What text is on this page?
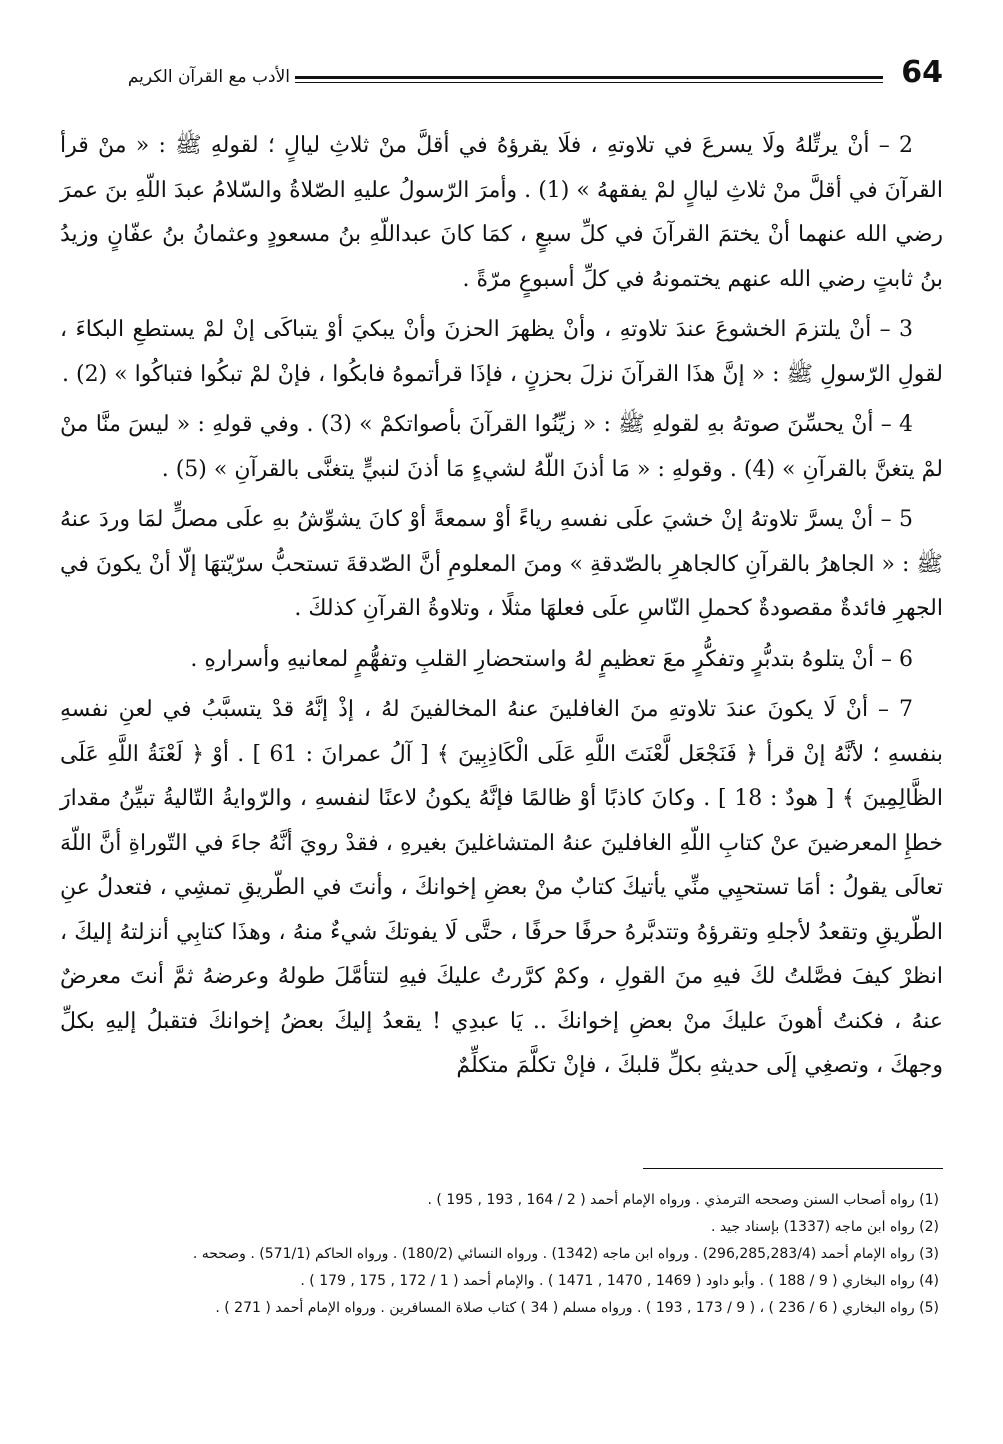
64
الأدب مع القرآن الكريم

2 – أنْ يرتِّلهُ ولَا يسرعَ في تلاوتهِ ، فلَا يقرؤهُ في أقلَّ منْ ثلاثِ ليالٍ ؛ لقولهِ ﷺ : « منْ قرأ القرآنَ في أقلَّ منْ ثلاثِ ليالٍ لمْ يفقههُ » (1) . وأمرَ الرّسولُ عليهِ الصّلاةُ والسّلامُ عبدَ اللّهِ بنَ عمرَ رضي الله عنهما أنْ يختمَ القرآنَ في كلِّ سبعٍ ، كمَا كانَ عبداللّهِ بنُ مسعودٍ وعثمانُ بنُ عفّانٍ وزيدُ بنُ ثابتٍ رضي الله عنهم يختمونهُ في كلِّ أسبوعٍ مرّةً .

3 – أنْ يلتزمَ الخشوعَ عندَ تلاوتهِ ، وأنْ يظهرَ الحزنَ وأنْ يبكيَ أوْ يتباكَى إنْ لمْ يستطعِ البكاءَ ، لقولِ الرّسولِ ﷺ : « إنَّ هذَا القرآنَ نزلَ بحزنٍ ، فإذَا قرأتموهُ فابكُوا ، فإنْ لمْ تبكُوا فتباكُوا » (2) .

4 – أنْ يحسِّنَ صوتهُ بهِ لقولهِ ﷺ : « زيِّنُوا القرآنَ بأصواتكمْ » (3) . وفي قولهِ : « ليسَ منَّا منْ لمْ يتغنَّ بالقرآنِ » (4) . وقولهِ : « مَا أذنَ اللّهُ لشيءٍ مَا أذنَ لنبيٍّ يتغنَّى بالقرآنِ » (5) .

5 – أنْ يسرَّ تلاوتهُ إنْ خشيَ علَى نفسهِ رياءً أوْ سمعةً أوْ كانَ يشوِّشُ بهِ علَى مصلٍّ لمَا وردَ عنهُ ﷺ : « الجاهرُ بالقرآنِ كالجاهرِ بالصّدقةِ » ومنَ المعلومِ أنَّ الصّدقةَ تستحبُّ سرّيّتهَا إلّا أنْ يكونَ في الجهرِ فائدةٌ مقصودةٌ كحملِ النّاسِ علَى فعلهَا مثلًا ، وتلاوةُ القرآنِ كذلكَ .

6 – أنْ يتلوهُ بتدبُّرٍ وتفكُّرٍ معَ تعظيمٍ لهُ واستحضارِ القلبِ وتفهُّمٍ لمعانيهِ وأسرارهِ .

7 – أنْ لَا يكونَ عندَ تلاوتهِ منَ الغافلينَ عنهُ المخالفينَ لهُ ، إذْ إنَّهُ قدْ يتسبَّبُ في لعنِ نفسهِ بنفسهِ ؛ لأنَّهُ إنْ قرأ ﴿ فَنَجْعَل لَّعْنَتَ اللَّهِ عَلَى الْكَاذِبِينَ ﴾ [ آلُ عمرانَ : 61 ] . أوْ ﴿ لَعْنَةُ اللَّهِ عَلَى الظَّالِمِينَ ﴾ [ هودٌ : 18 ] . وكانَ كاذبًا أوْ ظالمًا فإنَّهُ يكونُ لاعنًا لنفسهِ ، والرّوايةُ التّاليةُ تبيِّنُ مقدارَ خطإِ المعرضينَ عنْ كتابِ اللّهِ الغافلينَ عنهُ المتشاغلينَ بغيرهِ ، فقدْ رويَ أنَّهُ جاءَ في التّوراةِ أنَّ اللّهَ تعالَى يقولُ : أمَا تستحيِي منِّي يأتيكَ كتابٌ منْ بعضِ إخوانكَ ، وأنتَ في الطّريقِ تمشِي ، فتعدلُ عنِ الطّريقِ وتقعدُ لأجلهِ وتقرؤهُ وتتدبَّرهُ حرفًا حرفًا ، حتَّى لَا يفوتكَ شيءٌ منهُ ، وهذَا كتابِي أنزلتهُ إليكَ ، انظرْ كيفَ فصَّلتُ لكَ فيهِ منَ القولِ ، وكمْ كرَّرتُ عليكَ فيهِ لتتأمَّلَ طولهُ وعرضهُ ثمَّ أنتَ معرضٌ عنهُ ، فكنتُ أهونَ عليكَ منْ بعضِ إخوانكَ .. يَا عبدِي ! يقعدُ إليكَ بعضُ إخوانكَ فتقبلُ إليهِ بكلِّ وجهكَ ، وتصغِي إلَى حديثهِ بكلِّ قلبكَ ، فإنْ تكلَّمَ متكلِّمٌ

(1) رواه أصحاب السنن وصححه الترمذي . ورواه الإمام أحمد ( 2 / 164 , 193 , 195 ) .
(2) رواه ابن ماجه (1337) بإسناد جيد .
(3) رواه الإمام أحمد (296,285,283/4) . ورواه ابن ماجه (1342) . ورواه النسائي (180/2) . ورواه الحاكم (571/1) . وصححه .
(4) رواه البخاري ( 9 / 188 ) . وأبو داود ( 1469 , 1470 , 1471 ) . والإمام أحمد ( 1 / 172 , 175 , 179 ) .
(5) رواه البخاري ( 6 / 236 ) ، ( 9 / 173 , 193 ) . ورواه مسلم ( 34 ) كتاب صلاة المسافرين . ورواه الإمام أحمد ( 271 ) .
